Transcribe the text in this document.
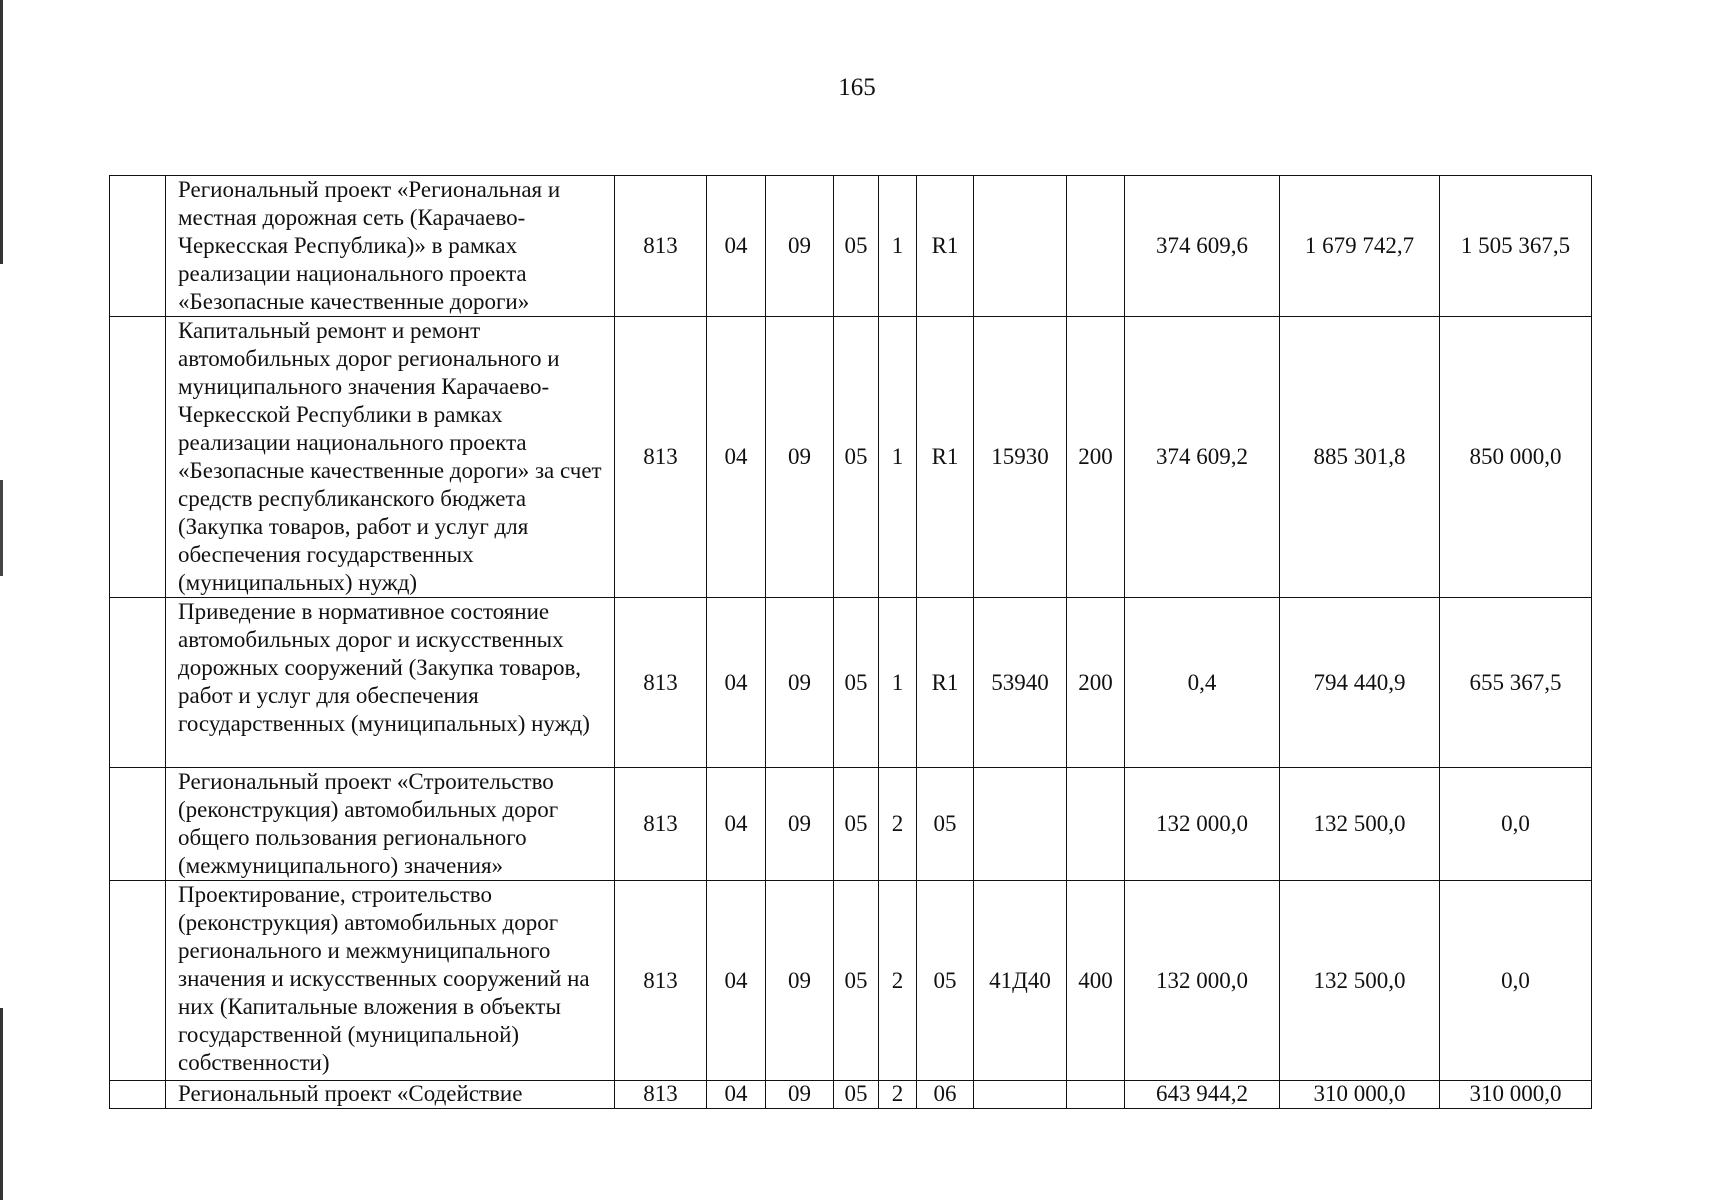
165
	Региональный проект «Региональная и местная дорожная сеть (Карачаево-Черкесская Республика)» в рамках реализации национального проекта «Безопасные качественные дороги»	813	04	09	05	1	R1			374 609,6	1 679 742,7	1 505 367,5
	Капитальный ремонт и ремонт автомобильных дорог регионального и муниципального значения Карачаево-Черкесской Республики в рамках реализации национального проекта «Безопасные качественные дороги» за счет средств республиканского бюджета (Закупка товаров, работ и услуг для обеспечения государственных (муниципальных) нужд)	813	04	09	05	1	R1	15930	200	374 609,2	885 301,8	850 000,0
	Приведение в нормативное состояние автомобильных дорог и искусственных дорожных сооружений (Закупка товаров, работ и услуг для обеспечения государственных (муниципальных) нужд)	813	04	09	05	1	R1	53940	200	0,4	794 440,9	655 367,5
	Региональный проект «Строительство (реконструкция) автомобильных дорог общего пользования регионального (межмуниципального) значения»	813	04	09	05	2	05			132 000,0	132 500,0	0,0
	Проектирование, строительство (реконструкция) автомобильных дорог регионального и межмуниципального значения и искусственных сооружений на них (Капитальные вложения в объекты государственной (муниципальной) собственности)	813	04	09	05	2	05	41Д40	400	132 000,0	132 500,0	0,0
	Региональный проект «Содействие	813	04	09	05	2	06			643 944,2	310 000,0	310 000,0
